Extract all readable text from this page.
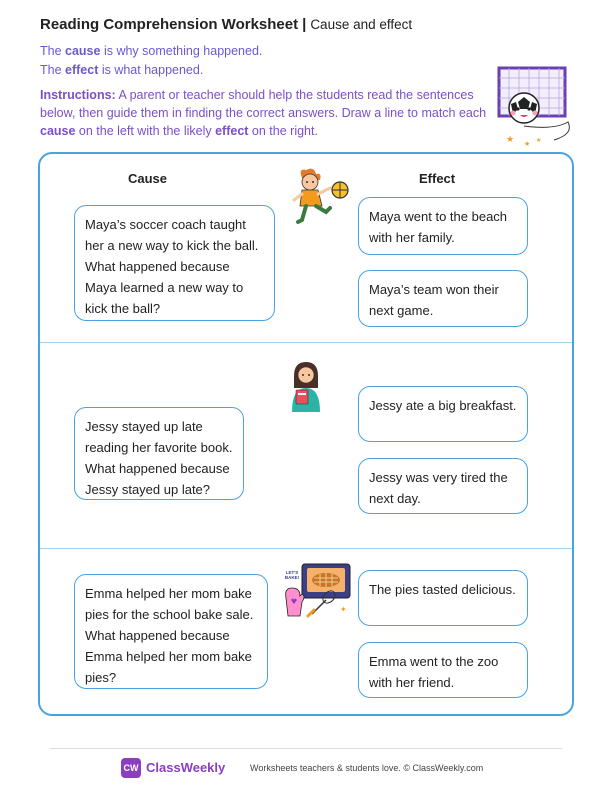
Reading Comprehension Worksheet | Cause and effect
The cause is why something happened.
The effect is what happened.
Instructions: A parent or teacher should help the students read the sentences below, then guide them in finding the correct answers. Draw a line to match each cause on the left with the likely effect on the right.
★ ★ ★
Cause	Effect
Maya’s soccer coach taught her a new way to kick the ball. What happened because Maya learned a new way to kick the ball?
Maya went to the beach with her family.
Maya’s team won their next game.
Jessy stayed up late reading her favorite book. What happened because Jessy stayed up late?
Jessy ate a big breakfast.
Jessy was very tired the next day.
Emma helped her mom bake pies for the school bake sale. What happened because Emma helped her mom bake pies?
The pies tasted delicious.
Emma went to the zoo with her friend.
✦
LET'S BAKE!
CW ClassWeekly	Worksheets teachers & students love. © ClassWeekly.com
